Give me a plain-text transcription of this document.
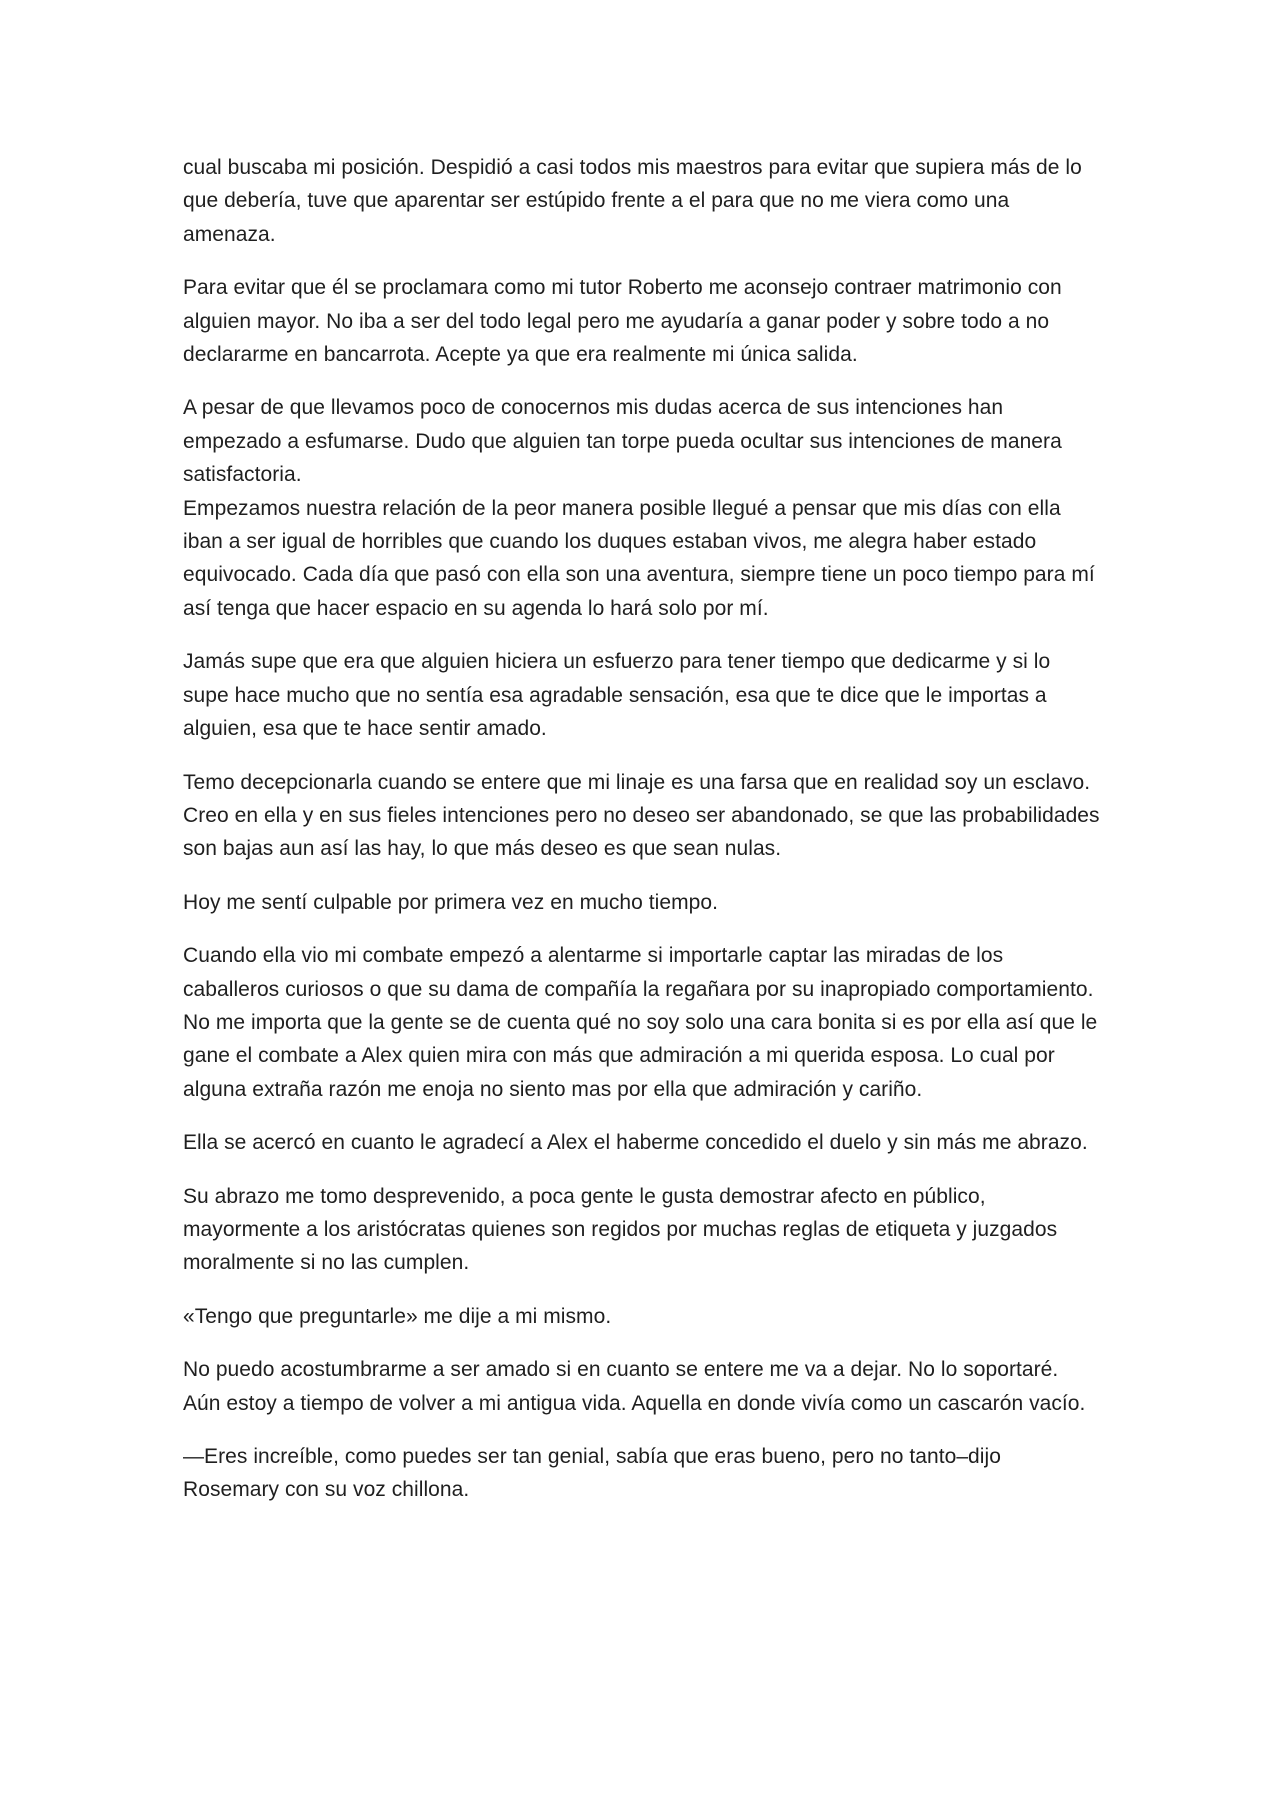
cual buscaba mi posición. Despidió a casi todos mis maestros para evitar que supiera más de lo que debería, tuve que aparentar ser estúpido frente a el para que no me viera como una amenaza.

Para evitar que él se proclamara como mi tutor Roberto me aconsejo contraer matrimonio con alguien mayor. No iba a ser del todo legal pero me ayudaría a ganar poder y sobre todo a no declararme en bancarrota. Acepte ya que era realmente mi única salida.

A pesar de que llevamos poco de conocernos mis dudas acerca de sus intenciones han empezado a esfumarse. Dudo que alguien tan torpe pueda ocultar sus intenciones de manera satisfactoria.
Empezamos nuestra relación de la peor manera posible llegué a pensar que mis días con ella iban a ser igual de horribles que cuando los duques estaban vivos, me alegra haber estado equivocado. Cada día que pasó con ella son una aventura, siempre tiene un poco tiempo para mí así tenga que hacer espacio en su agenda lo hará solo por mí.

Jamás supe que era que alguien hiciera un esfuerzo para tener tiempo que dedicarme y si lo supe hace mucho que no sentía esa agradable sensación, esa que te dice que le importas a alguien, esa que te hace sentir amado.

Temo decepcionarla cuando se entere que mi linaje es una farsa que en realidad soy un esclavo. Creo en ella y en sus fieles intenciones pero no deseo ser abandonado, se que las probabilidades son bajas aun así las hay, lo que más deseo es que sean nulas.

Hoy me sentí culpable por primera vez en mucho tiempo.

Cuando ella vio mi combate empezó a alentarme si importarle captar las miradas de los caballeros curiosos o que su dama de compañía la regañara por su inapropiado comportamiento. No me importa que la gente se de cuenta qué no soy solo una cara bonita si es por ella así que le gane el combate a Alex quien mira con más que admiración a mi querida esposa. Lo cual por alguna extraña razón me enoja no siento mas por ella que admiración y cariño.

Ella se acercó en cuanto le agradecí a Alex el haberme concedido el duelo y sin más me abrazo.

Su abrazo me tomo desprevenido, a poca gente le gusta demostrar afecto en público, mayormente a los aristócratas quienes son regidos por muchas reglas de etiqueta y juzgados moralmente si no las cumplen.

«Tengo que preguntarle» me dije a mi mismo.

No puedo acostumbrarme a ser amado si en cuanto se entere me va a dejar. No lo soportaré. Aún estoy a tiempo de volver a mi antigua vida. Aquella en donde vivía como un cascarón vacío.

—Eres increíble, como puedes ser tan genial, sabía que eras bueno, pero no tanto–dijo Rosemary con su voz chillona.
